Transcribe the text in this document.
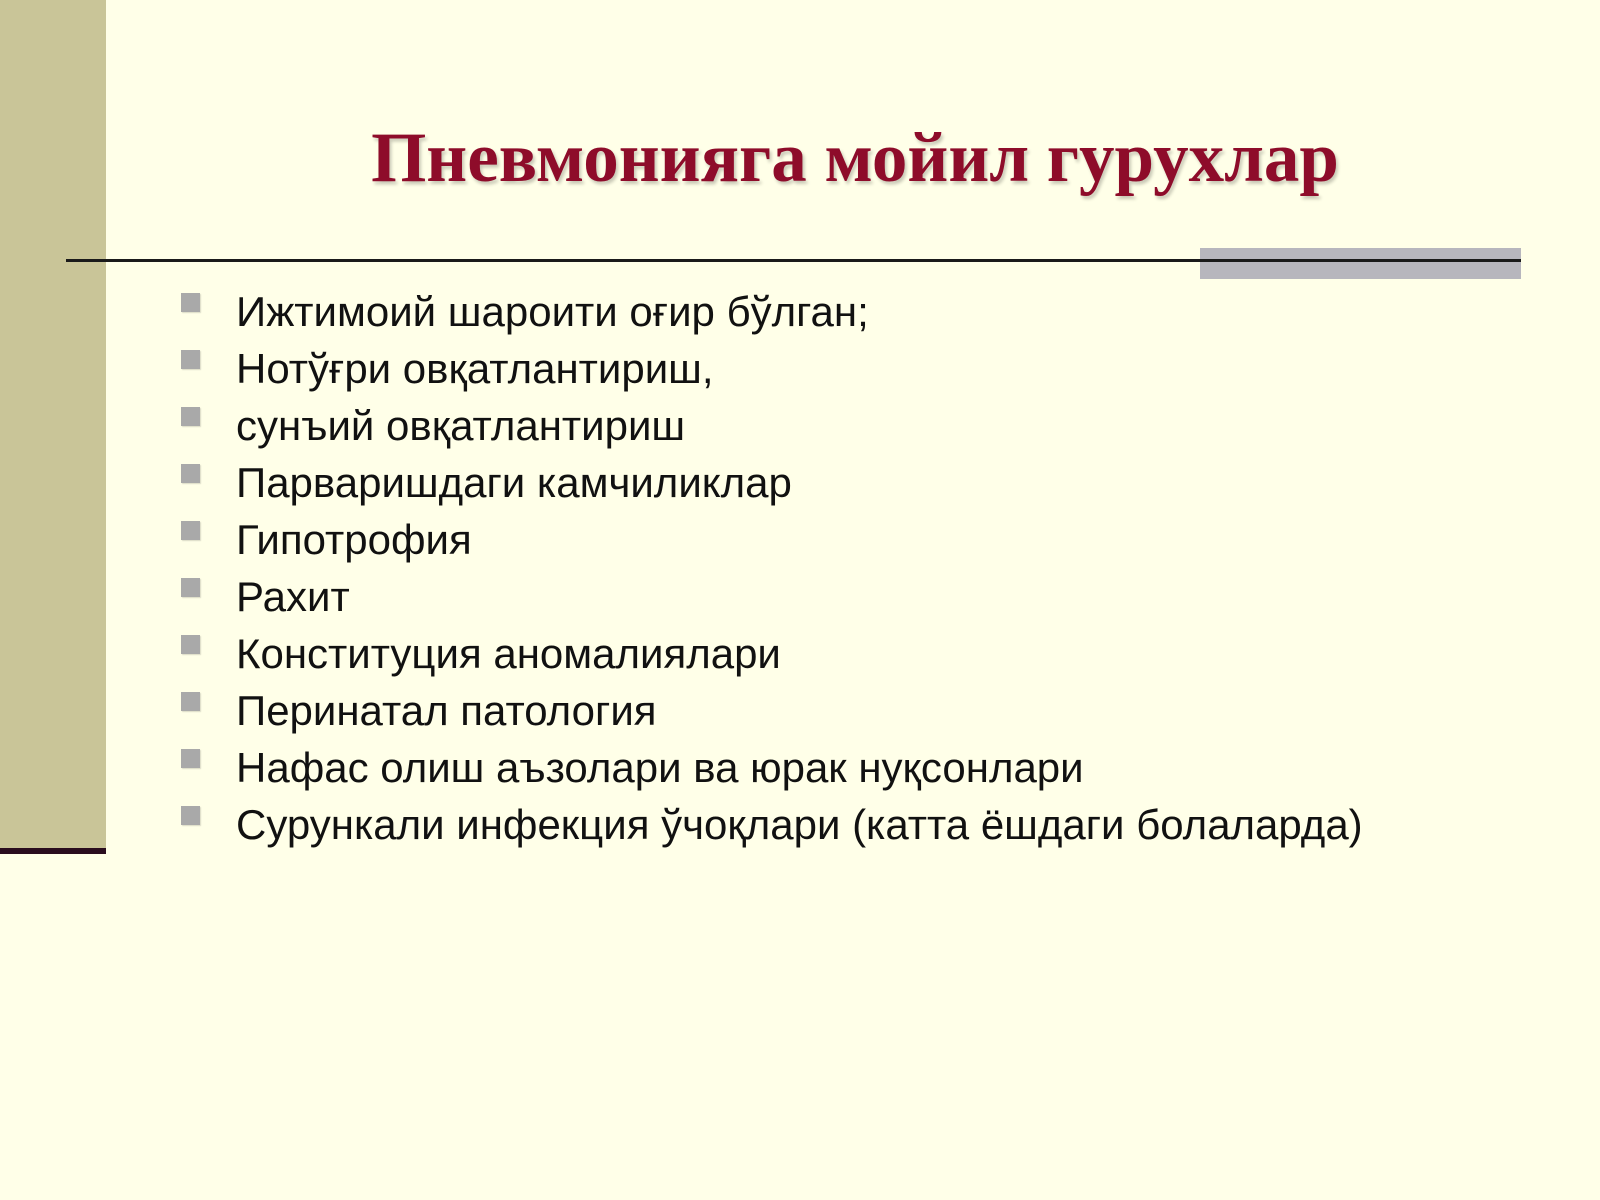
Пневмонияга мойил гурухлар
Ижтимоий шароити оғир бўлган;
Нотўғри овқатлантириш,
сунъий овқатлантириш
Парваришдаги камчиликлар
Гипотрофия
Рахит
Конституция аномалиялари
Перинатал патология
Нафас олиш аъзолари ва юрак нуқсонлари
Сурункали инфекция ўчоқлари (катта ёшдаги болаларда)
